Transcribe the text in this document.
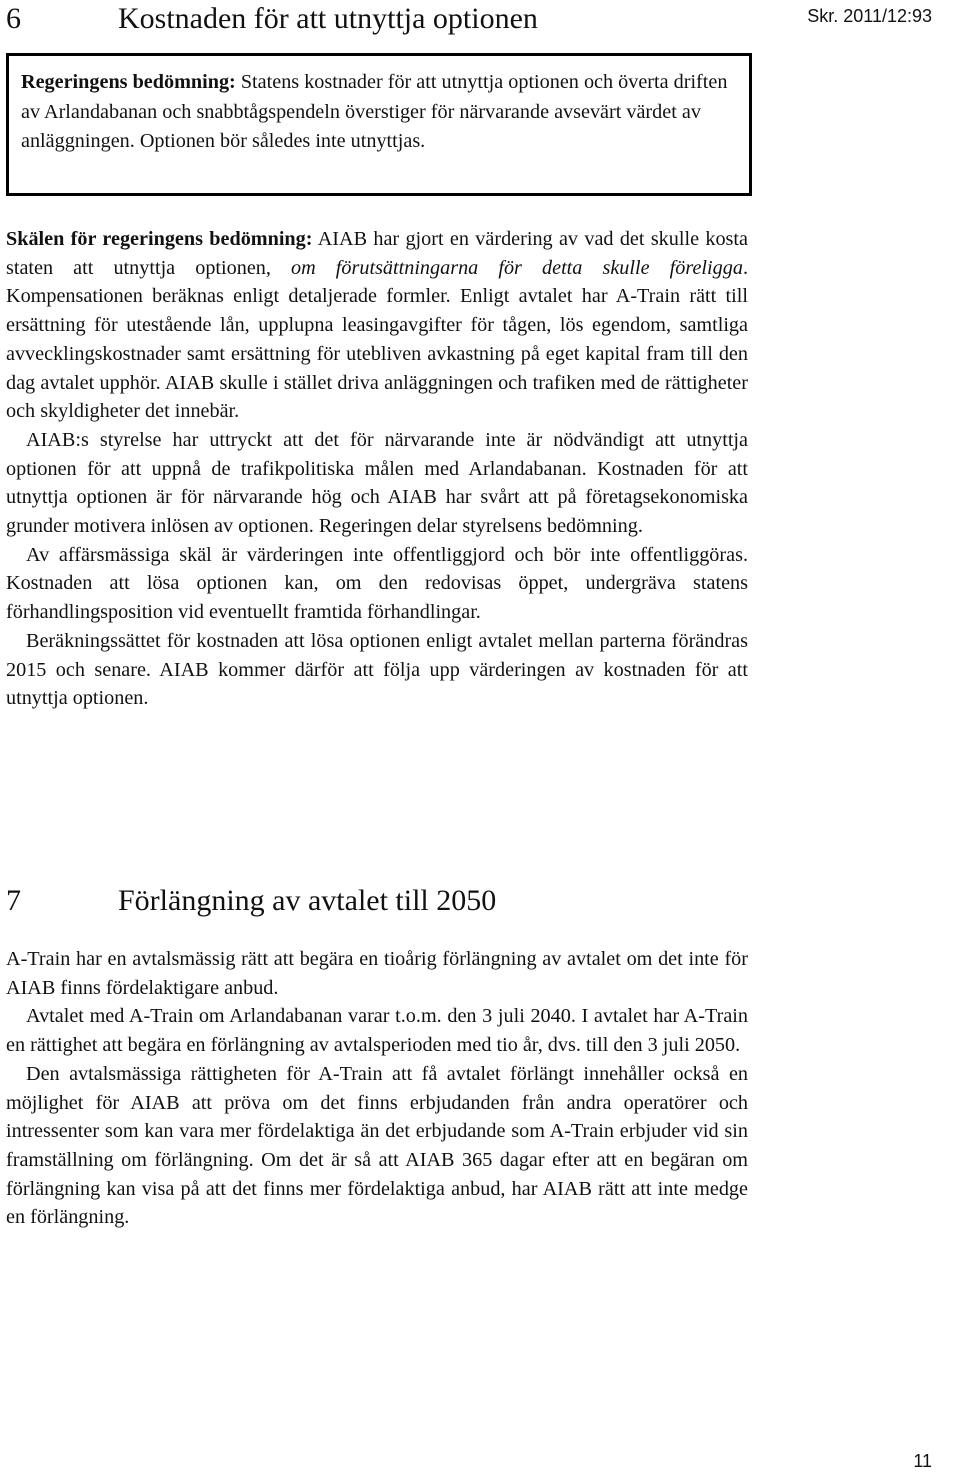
6	Kostnaden för att utnyttja optionen	Skr. 2011/12:93
Regeringens bedömning: Statens kostnader för att utnyttja optionen och överta driften av Arlandabanan och snabbtågspendeln överstiger för närvarande avsevärt värdet av anläggningen. Optionen bör således inte utnyttjas.

Skälen för regeringens bedömning: AIAB har gjort en värdering av vad det skulle kosta staten att utnyttja optionen, om förutsättningarna för detta skulle föreligga. Kompensationen beräknas enligt detaljerade formler. Enligt avtalet har A-Train rätt till ersättning för utestående lån, upplupna leasingavgifter för tågen, lös egendom, samtliga avvecklingskostnader samt ersättning för utebliven avkastning på eget kapital fram till den dag avtalet upphör. AIAB skulle i stället driva anläggningen och trafiken med de rättigheter och skyldigheter det innebär.

AIAB:s styrelse har uttryckt att det för närvarande inte är nödvändigt att utnyttja optionen för att uppnå de trafikpolitiska målen med Arlandabanan. Kostnaden för att utnyttja optionen är för närvarande hög och AIAB har svårt att på företagsekonomiska grunder motivera inlösen av optionen. Regeringen delar styrelsens bedömning.

Av affärsmässiga skäl är värderingen inte offentliggjord och bör inte offentliggöras. Kostnaden att lösa optionen kan, om den redovisas öppet, undergräva statens förhandlingsposition vid eventuellt framtida förhandlingar.

Beräkningssättet för kostnaden att lösa optionen enligt avtalet mellan parterna förändras 2015 och senare. AIAB kommer därför att följa upp värderingen av kostnaden för att utnyttja optionen.

7	Förlängning av avtalet till 2050

A-Train har en avtalsmässig rätt att begära en tioårig förlängning av avtalet om det inte för AIAB finns fördelaktigare anbud.

Avtalet med A-Train om Arlandabanan varar t.o.m. den 3 juli 2040. I avtalet har A-Train en rättighet att begära en förlängning av avtalsperioden med tio år, dvs. till den 3 juli 2050.

Den avtalsmässiga rättigheten för A-Train att få avtalet förlängt innehåller också en möjlighet för AIAB att pröva om det finns erbjudanden från andra operatörer och intressenter som kan vara mer fördelaktiga än det erbjudande som A-Train erbjuder vid sin framställning om förlängning. Om det är så att AIAB 365 dagar efter att en begäran om förlängning kan visa på att det finns mer fördelaktiga anbud, har AIAB rätt att inte medge en förlängning.

11
